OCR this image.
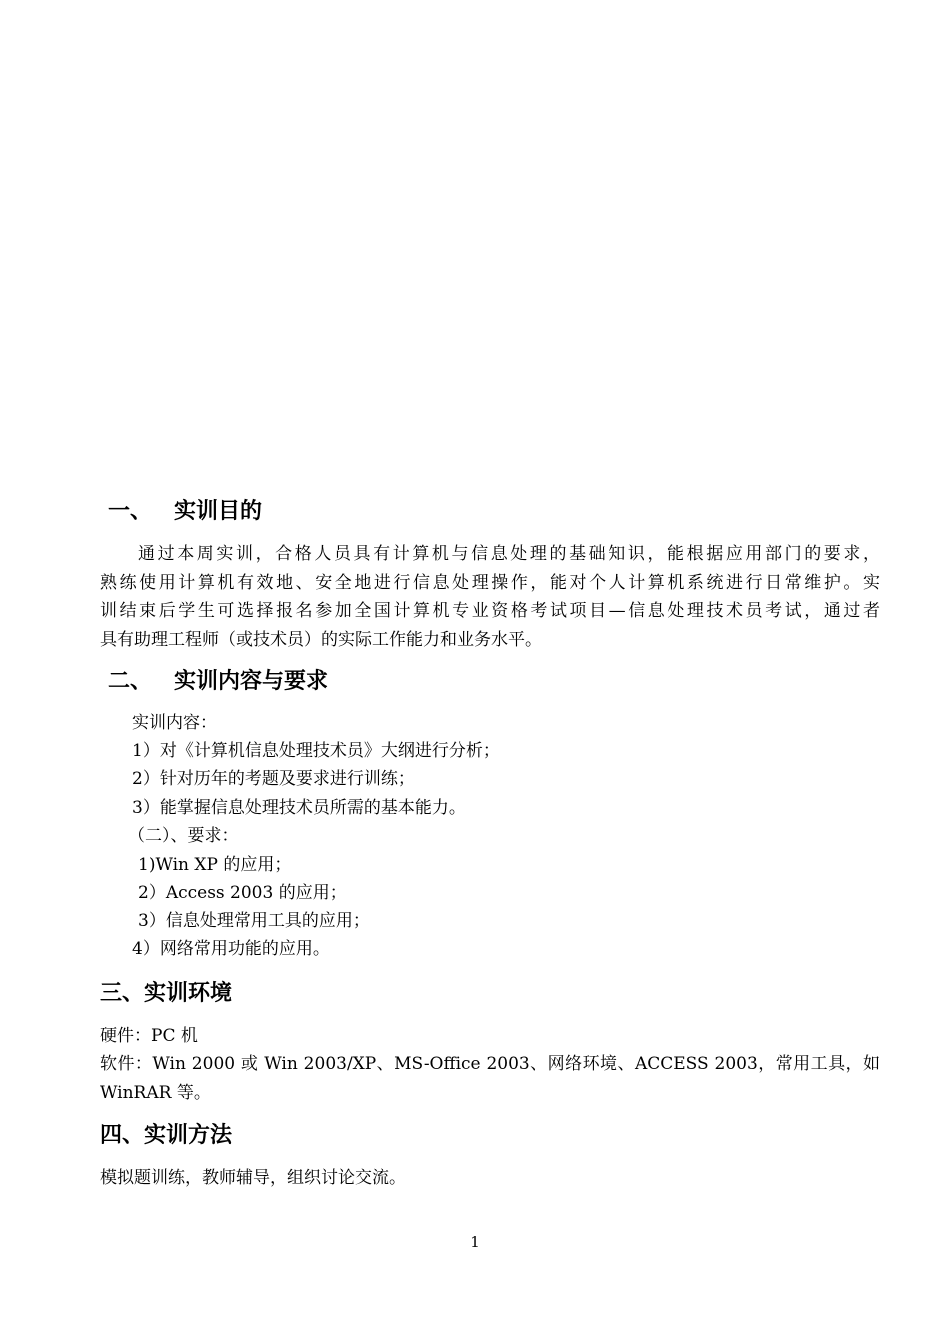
一、 实训目的
通过本周实训，合格人员具有计算机与信息处理的基础知识，能根据应用部门的要求，
熟练使用计算机有效地、安全地进行信息处理操作，能对个人计算机系统进行日常维护。实
训结束后学生可选择报名参加全国计算机专业资格考试项目—信息处理技术员考试，通过者
具有助理工程师（或技术员）的实际工作能力和业务水平。
二、 实训内容与要求
实训内容：
1）对《计算机信息处理技术员》大纲进行分析；
2）针对历年的考题及要求进行训练；
3）能掌握信息处理技术员所需的基本能力。
（二）、要求：
1)Win XP 的应用；
2）Access 2003 的应用；
3）信息处理常用工具的应用；
4）网络常用功能的应用。
三、实训环境
硬件：PC 机
软件：Win 2000 或 Win 2003/XP、MS-Office 2003、网络环境、ACCESS 2003，常用工具，如
WinRAR 等。
四、实训方法
模拟题训练，教师辅导，组织讨论交流。
1
